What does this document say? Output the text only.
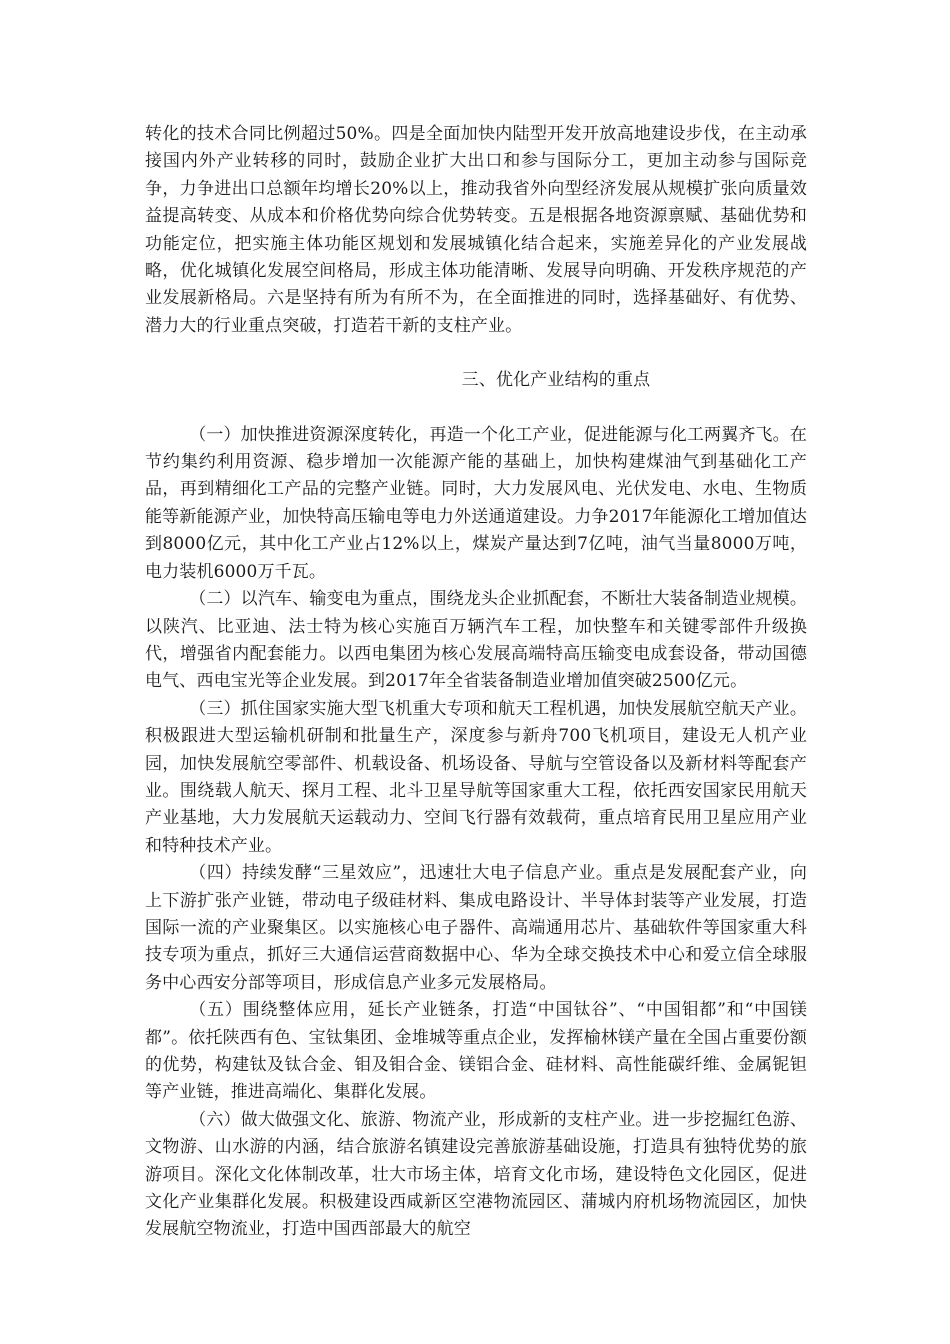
转化的技术合同比例超过50%。四是全面加快内陆型开发开放高地建设步伐，在主动承接国内外产业转移的同时，鼓励企业扩大出口和参与国际分工，更加主动参与国际竞争，力争进出口总额年均增长20%以上，推动我省外向型经济发展从规模扩张向质量效益提高转变、从成本和价格优势向综合优势转变。五是根据各地资源禀赋、基础优势和功能定位，把实施主体功能区规划和发展城镇化结合起来，实施差异化的产业发展战略，优化城镇化发展空间格局，形成主体功能清晰、发展导向明确、开发秩序规范的产业发展新格局。六是坚持有所为有所不为，在全面推进的同时，选择基础好、有优势、潜力大的行业重点突破，打造若干新的支柱产业。

三、优化产业结构的重点

（一）加快推进资源深度转化，再造一个化工产业，促进能源与化工两翼齐飞。在节约集约利用资源、稳步增加一次能源产能的基础上，加快构建煤油气到基础化工产品，再到精细化工产品的完整产业链。同时，大力发展风电、光伏发电、水电、生物质能等新能源产业，加快特高压输电等电力外送通道建设。力争2017年能源化工增加值达到8000亿元，其中化工产业占12%以上，煤炭产量达到7亿吨，油气当量8000万吨，电力装机6000万千瓦。

（二）以汽车、输变电为重点，围绕龙头企业抓配套，不断壮大装备制造业规模。以陕汽、比亚迪、法士特为核心实施百万辆汽车工程，加快整车和关键零部件升级换代，增强省内配套能力。以西电集团为核心发展高端特高压输变电成套设备，带动国德电气、西电宝光等企业发展。到2017年全省装备制造业增加值突破2500亿元。

（三）抓住国家实施大型飞机重大专项和航天工程机遇，加快发展航空航天产业。积极跟进大型运输机研制和批量生产，深度参与新舟700飞机项目，建设无人机产业园，加快发展航空零部件、机载设备、机场设备、导航与空管设备以及新材料等配套产业。围绕载人航天、探月工程、北斗卫星导航等国家重大工程，依托西安国家民用航天产业基地，大力发展航天运载动力、空间飞行器有效载荷，重点培育民用卫星应用产业和特种技术产业。

（四）持续发酵“三星效应”，迅速壮大电子信息产业。重点是发展配套产业，向上下游扩张产业链，带动电子级硅材料、集成电路设计、半导体封装等产业发展，打造国际一流的产业聚集区。以实施核心电子器件、高端通用芯片、基础软件等国家重大科技专项为重点，抓好三大通信运营商数据中心、华为全球交换技术中心和爱立信全球服务中心西安分部等项目，形成信息产业多元发展格局。

（五）围绕整体应用，延长产业链条，打造“中国钛谷”、“中国钼都”和“中国镁都”。依托陕西有色、宝钛集团、金堆城等重点企业，发挥榆林镁产量在全国占重要份额的优势，构建钛及钛合金、钼及钼合金、镁铝合金、硅材料、高性能碳纤维、金属铌钽等产业链，推进高端化、集群化发展。

（六）做大做强文化、旅游、物流产业，形成新的支柱产业。进一步挖掘红色游、文物游、山水游的内涵，结合旅游名镇建设完善旅游基础设施，打造具有独特优势的旅游项目。深化文化体制改革，壮大市场主体，培育文化市场，建设特色文化园区，促进文化产业集群化发展。积极建设西咸新区空港物流园区、蒲城内府机场物流园区，加快发展航空物流业，打造中国西部最大的航空
